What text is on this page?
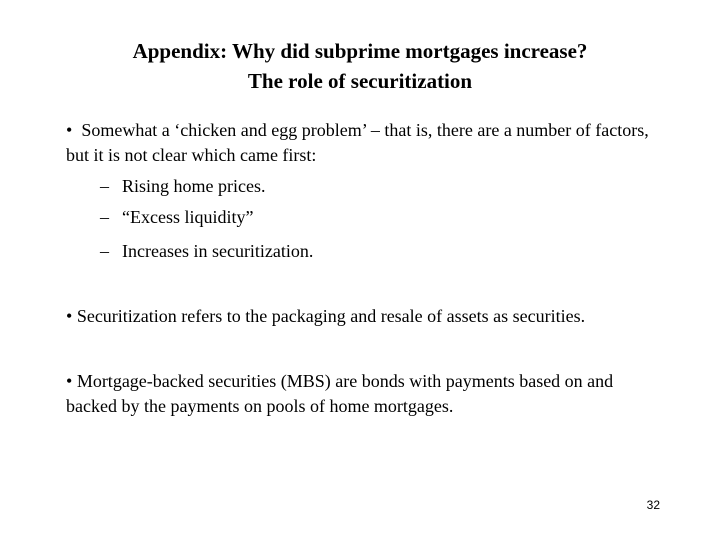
Appendix: Why did subprime mortgages increase?
The role of securitization
• Somewhat a ‘chicken and egg problem’ – that is, there are a number of factors, but it is not clear which came first:
– Rising home prices.
– “Excess liquidity”
– Increases in securitization.
• Securitization refers to the packaging and resale of assets as securities.
• Mortgage-backed securities (MBS) are bonds with payments based on and backed by the payments on pools of home mortgages.
32
